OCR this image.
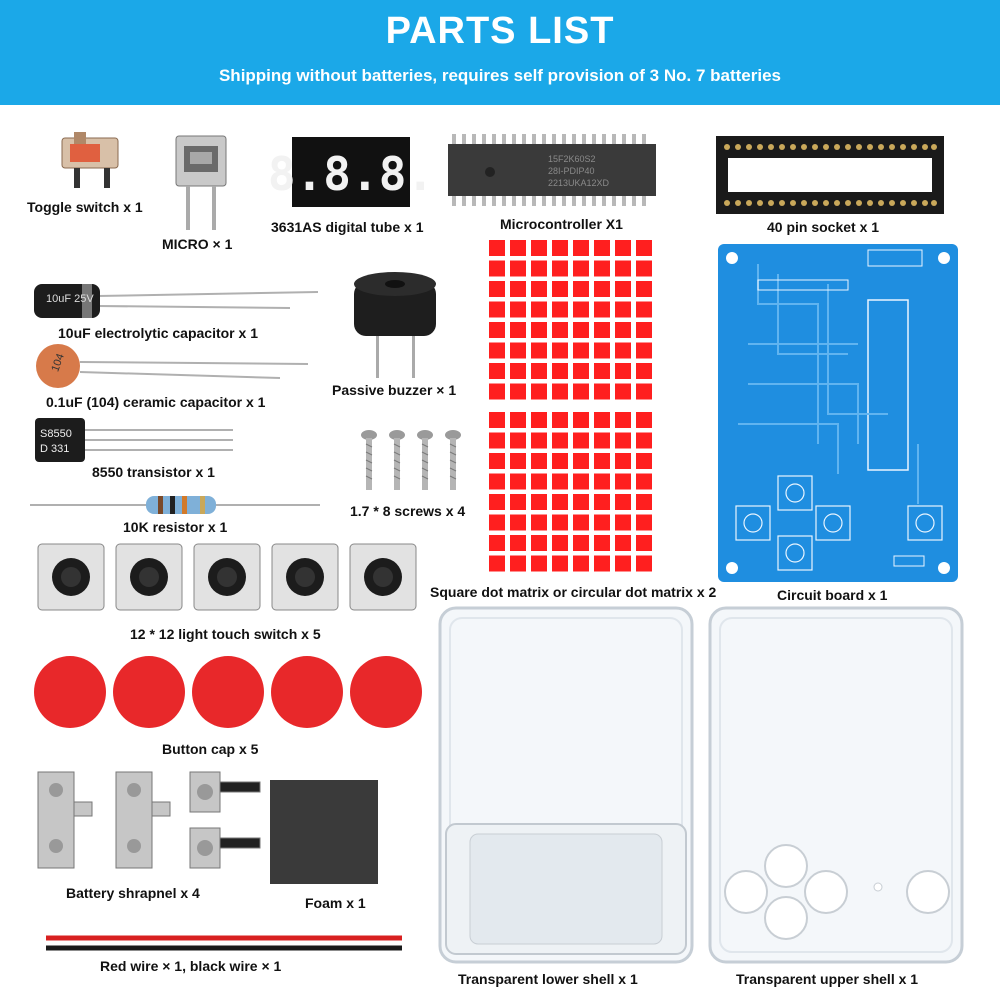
PARTS LIST
Shipping without batteries, requires self provision of 3 No. 7 batteries
Toggle switch x 1
MICRO × 1
8.8.8.
3631AS digital tube x 1
15F2K60S2
28I-PDIP40
2213UKA12XD
Microcontroller X1	40 pin socket x 1
10uF 25V
10uF electrolytic capacitor x 1
104
0.1uF (104) ceramic capacitor x 1
S8550
D 331
8550 transistor x 1
10K resistor x 1
Passive buzzer × 1
1.7 * 8 screws x 4
Square dot matrix or circular dot matrix x 2	Circuit board x 1
12 * 12 light touch switch x 5
Button cap x 5
Battery shrapnel x 4
Foam x 1
Red wire × 1, black wire × 1
Transparent lower shell x 1	Transparent upper shell x 1
